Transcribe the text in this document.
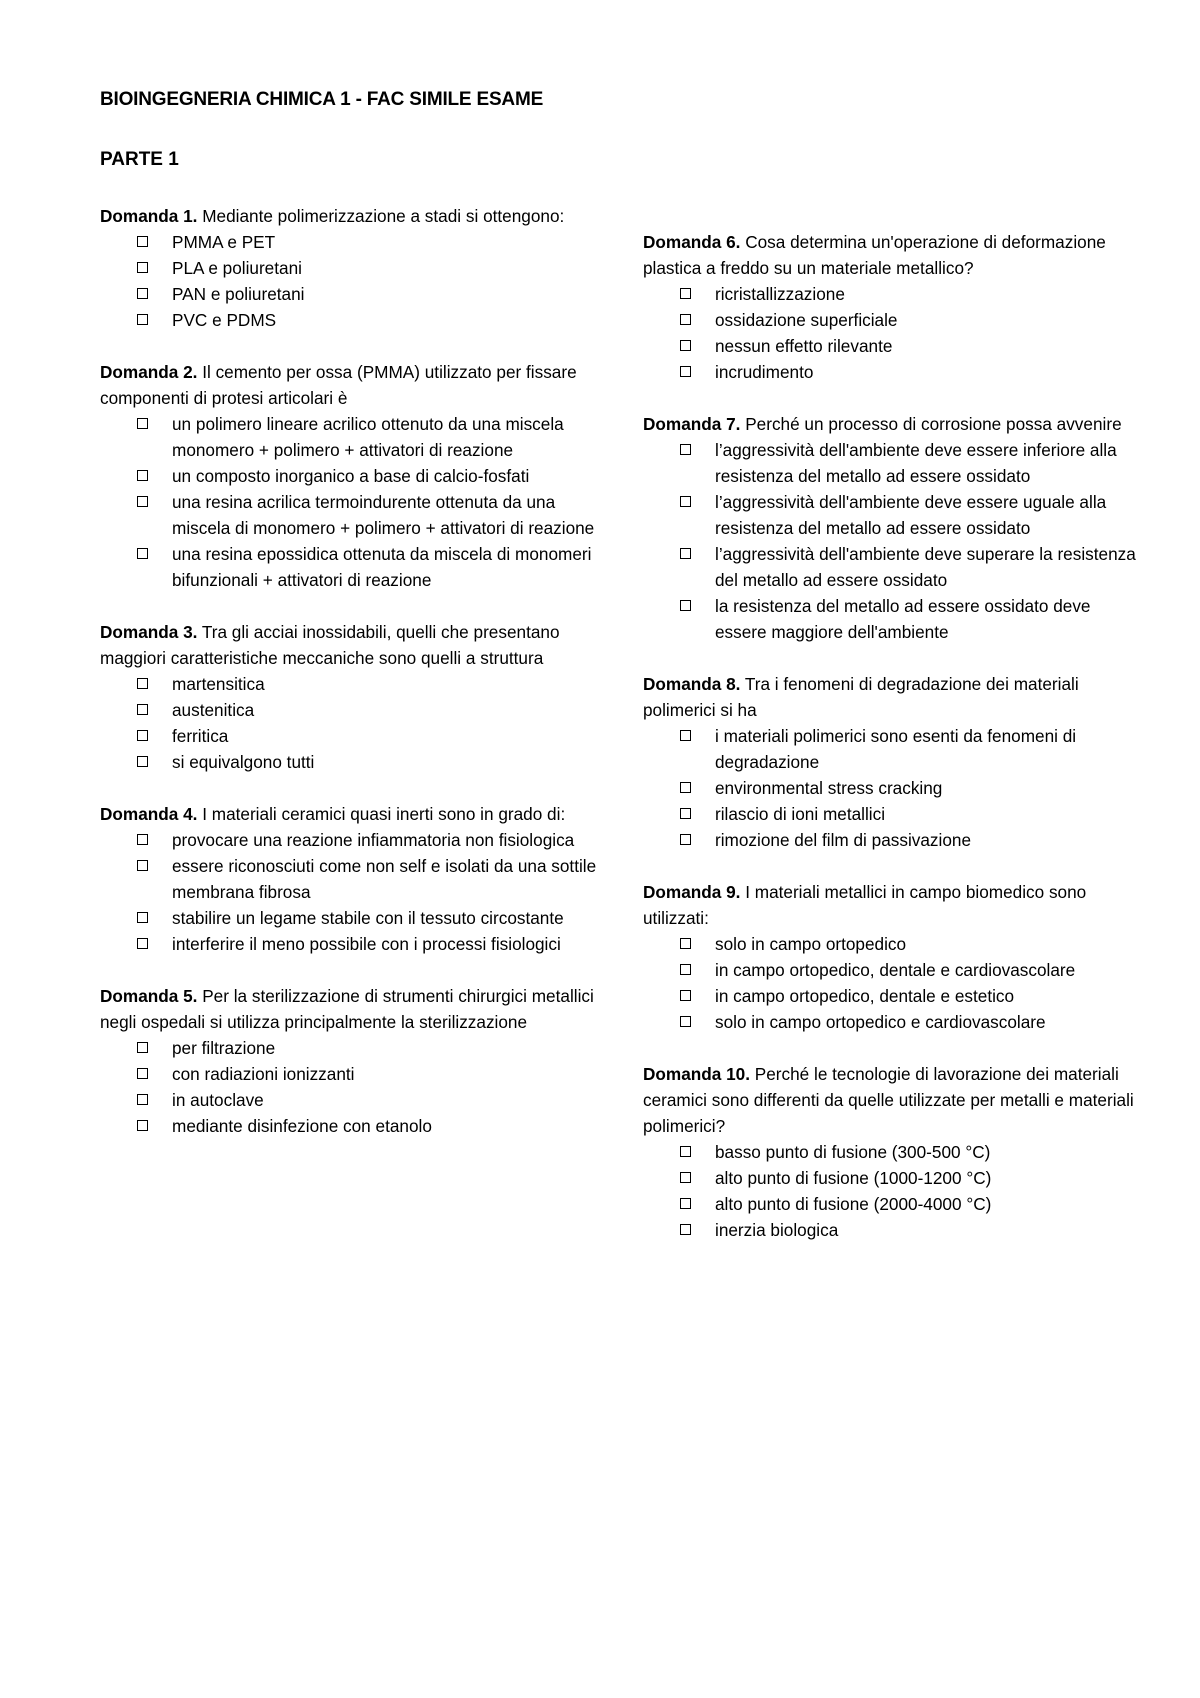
BIOINGEGNERIA CHIMICA 1 - FAC SIMILE ESAME
PARTE 1

Domanda 1. Mediante polimerizzazione a stadi si ottengono:

PMMA e PET
PLA e poliuretani
PAN e poliuretani
PVC e PDMS

Domanda 2. Il cemento per ossa (PMMA) utilizzato per fissare componenti di protesi articolari è

un polimero lineare acrilico ottenuto da una miscela monomero + polimero + attivatori di reazione
un composto inorganico a base di calcio-fosfati
una resina acrilica termoindurente ottenuta da una miscela di monomero + polimero + attivatori di reazione
una resina epossidica ottenuta da miscela di monomeri bifunzionali + attivatori di reazione

Domanda 3. Tra gli acciai inossidabili, quelli che presentano maggiori caratteristiche meccaniche sono quelli a struttura

martensitica
austenitica
ferritica
si equivalgono tutti

Domanda 4. I materiali ceramici quasi inerti sono in grado di:

provocare una reazione infiammatoria non fisiologica
essere riconosciuti come non self e isolati da una sottile membrana fibrosa
stabilire un legame stabile con il tessuto circostante
interferire il meno possibile con i processi fisiologici

Domanda 5. Per la sterilizzazione di strumenti chirurgici metallici negli ospedali si utilizza principalmente la sterilizzazione

per filtrazione
con radiazioni ionizzanti
in autoclave
mediante disinfezione con etanolo

Domanda 6. Cosa determina un'operazione di deformazione plastica a freddo su un materiale metallico?

ricristallizzazione
ossidazione superficiale
nessun effetto rilevante
incrudimento

Domanda 7. Perché un processo di corrosione possa avvenire

l’aggressività dell'ambiente deve essere inferiore alla resistenza del metallo ad essere ossidato
l’aggressività dell'ambiente deve essere uguale alla resistenza del metallo ad essere ossidato
l’aggressività dell'ambiente deve superare la resistenza del metallo ad essere ossidato
la resistenza del metallo ad essere ossidato deve essere maggiore dell'ambiente

Domanda 8. Tra i fenomeni di degradazione dei materiali polimerici si ha

i materiali polimerici sono esenti da fenomeni di degradazione
environmental stress cracking
rilascio di ioni metallici
rimozione del film di passivazione

Domanda 9. I materiali metallici in campo biomedico sono utilizzati:

solo in campo ortopedico
in campo ortopedico, dentale e cardiovascolare
in campo ortopedico, dentale e estetico
solo in campo ortopedico e cardiovascolare

Domanda 10. Perché le tecnologie di lavorazione dei materiali ceramici sono differenti da quelle utilizzate per metalli e materiali polimerici?

basso punto di fusione (300-500 °C)
alto punto di fusione (1000-1200 °C)
alto punto di fusione (2000-4000 °C)
inerzia biologica
